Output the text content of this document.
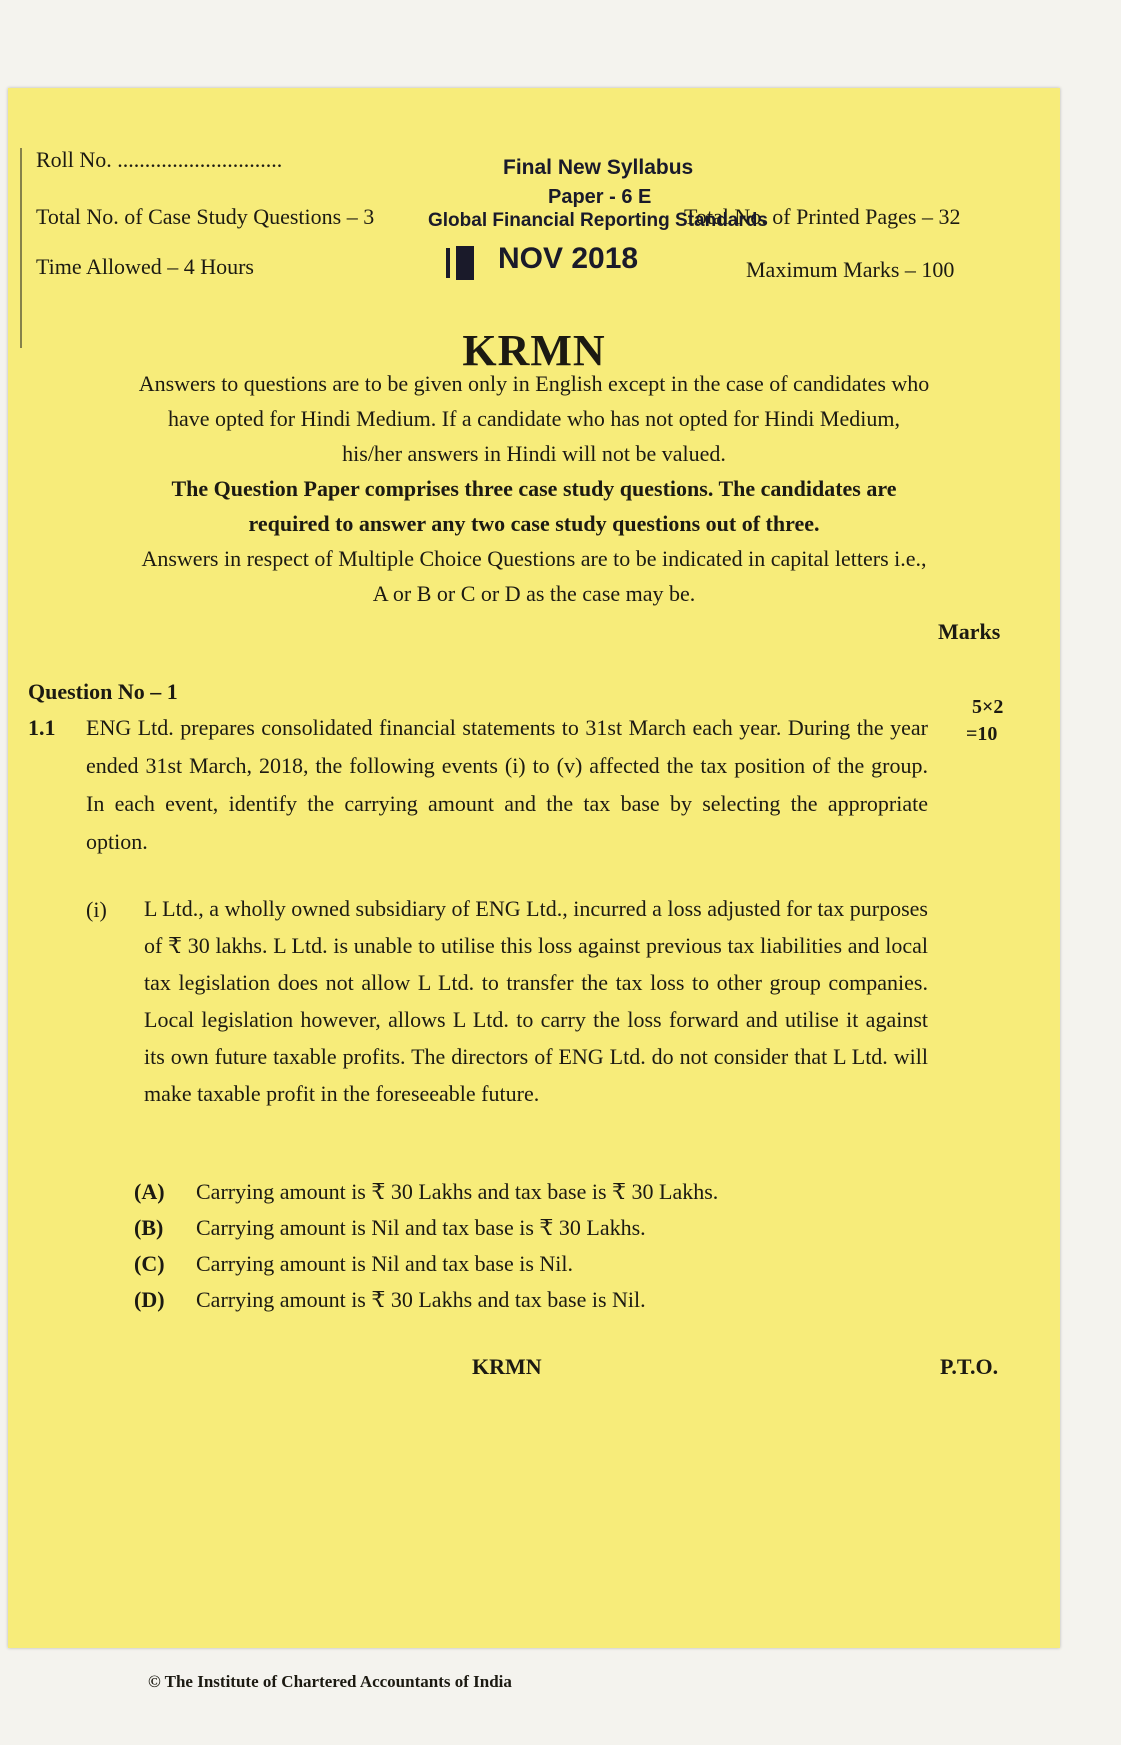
Roll No. ..............................
Total No. of Case Study Questions – 3
Time Allowed – 4 Hours
Total No. of Printed Pages – 32
Maximum Marks – 100
Final New Syllabus
Paper - 6 E
Global Financial Reporting Standards
NOV 2018
KRMN
Answers to questions are to be given only in English except in the case of candidates who
have opted for Hindi Medium. If a candidate who has not opted for Hindi Medium,
his/her answers in Hindi will not be valued.
The Question Paper comprises three case study questions. The candidates are
required to answer any two case study questions out of three.
Answers in respect of Multiple Choice Questions are to be indicated in capital letters i.e.,
A or B or C or D as the case may be.
Marks
Question No – 1
5×2
=10
1.1 ENG Ltd. prepares consolidated financial statements to 31st March each year. During the year ended 31st March, 2018, the following events (i) to (v) affected the tax position of the group. In each event, identify the carrying amount and the tax base by selecting the appropriate option.
(i) L Ltd., a wholly owned subsidiary of ENG Ltd., incurred a loss adjusted for tax purposes of ₹ 30 lakhs. L Ltd. is unable to utilise this loss against previous tax liabilities and local tax legislation does not allow L Ltd. to transfer the tax loss to other group companies. Local legislation however, allows L Ltd. to carry the loss forward and utilise it against its own future taxable profits. The directors of ENG Ltd. do not consider that L Ltd. will make taxable profit in the foreseeable future.
(A) Carrying amount is ₹ 30 Lakhs and tax base is ₹ 30 Lakhs.
(B) Carrying amount is Nil and tax base is ₹ 30 Lakhs.
(C) Carrying amount is Nil and tax base is Nil.
(D) Carrying amount is ₹ 30 Lakhs and tax base is Nil.
KRMN	P.T.O.
© The Institute of Chartered Accountants of India
